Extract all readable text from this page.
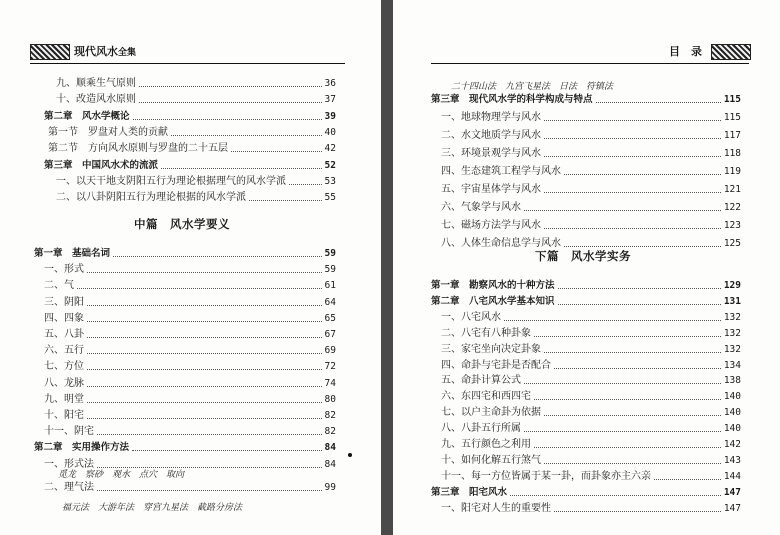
现代风水全集
九、顺乘生气原则	36
十、改造风水原则	37
第二章　风水学概论	39
第一节　罗盘对人类的贡献	40
第二节　方向风水原则与罗盘的二十五层	42
第三章　中国风水术的流派	52
一、以天干地支阴阳五行为理论根据理气的风水学派	53
二、以八卦阴阳五行为理论根据的风水学派	55
中篇　风水学要义
第一章　基础名词	59
一、形式	59
二、气	61
三、阴阳	64
四、四象	65
五、八卦	67
六、五行	69
七、方位	72
八、龙脉	74
九、明堂	80
十、阳宅	82
十一、阴宅	82
第二章　实用操作方法	84
一、形式法	84
觅龙　察砂　观水　点穴　取向
二、理气法	99
福元法　大游年法　穿宫九星法　截路分房法
目　录
二十四山法　九宫飞星法　日法　符镇法
第三章　现代风水学的科学构成与特点	115
一、地球物理学与风水	115
二、水文地质学与风水	117
三、环境景观学与风水	118
四、生态建筑工程学与风水	119
五、宇宙星体学与风水	121
六、气象学与风水	122
七、磁场方法学与风水	123
八、人体生命信息学与风水	125
下篇　风水学实务
第一章　勘察风水的十种方法	129
第二章　八宅风水学基本知识	131
一、八宅风水	132
二、八宅有八种卦象	132
三、家宅坐向决定卦象	132
四、命卦与宅卦是否配合	134
五、命卦计算公式	138
六、东四宅和西四宅	140
七、以户主命卦为依据	140
八、八卦五行所属	140
九、五行颜色之利用	142
十、如何化解五行煞气	143
十一、每一方位皆属于某一卦，而卦象亦主六亲	144
第三章　阳宅风水	147
一、阳宅对人生的重要性	147
